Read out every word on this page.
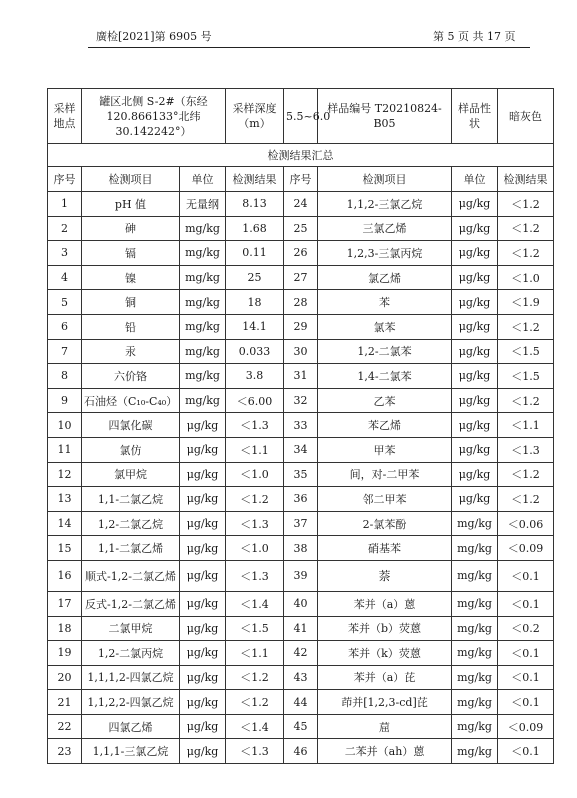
廣检[2021]第 6905 号	第 5 页 共 17 页
采样地点	罐区北侧 S-2#（东经 120.866133°北纬 30.142242°）		采样深度（m）	5.5~6.0	样品编号 T20210824-B05	样品性状	暗灰色
检测结果汇总							
序号	检测项目	单位	检测结果	序号	检测项目	单位	检测结果
1	pH 值	无量纲	8.13	24	1,1,2-三氯乙烷	μg/kg	＜1.2
2	砷	mg/kg	1.68	25	三氯乙烯	μg/kg	＜1.2
3	镉	mg/kg	0.11	26	1,2,3-三氯丙烷	μg/kg	＜1.2
4	镍	mg/kg	25	27	氯乙烯	μg/kg	＜1.0
5	铜	mg/kg	18	28	苯	μg/kg	＜1.9
6	铅	mg/kg	14.1	29	氯苯	μg/kg	＜1.2
7	汞	mg/kg	0.033	30	1,2-二氯苯	μg/kg	＜1.5
8	六价铬	mg/kg	3.8	31	1,4-二氯苯	μg/kg	＜1.5
9	石油烃（C₁₀-C₄₀）	mg/kg	＜6.00	32	乙苯	μg/kg	＜1.2
10	四氯化碳	μg/kg	＜1.3	33	苯乙烯	μg/kg	＜1.1
11	氯仿	μg/kg	＜1.1	34	甲苯	μg/kg	＜1.3
12	氯甲烷	μg/kg	＜1.0	35	间，对-二甲苯	μg/kg	＜1.2
13	1,1-二氯乙烷	μg/kg	＜1.2	36	邻二甲苯	μg/kg	＜1.2
14	1,2-二氯乙烷	μg/kg	＜1.3	37	2-氯苯酚	mg/kg	＜0.06
15	1,1-二氯乙烯	μg/kg	＜1.0	38	硝基苯	mg/kg	＜0.09
16	顺式-1,2-二氯乙烯	μg/kg	＜1.3	39	萘	mg/kg	＜0.1
17	反式-1,2-二氯乙烯	μg/kg	＜1.4	40	苯并（a）蒽	mg/kg	＜0.1
18	二氯甲烷	μg/kg	＜1.5	41	苯并（b）荧蒽	mg/kg	＜0.2
19	1,2-二氯丙烷	μg/kg	＜1.1	42	苯并（k）荧蒽	mg/kg	＜0.1
20	1,1,1,2-四氯乙烷	μg/kg	＜1.2	43	苯并（a）芘	mg/kg	＜0.1
21	1,1,2,2-四氯乙烷	μg/kg	＜1.2	44	茚并[1,2,3-cd]芘	mg/kg	＜0.1
22	四氯乙烯	μg/kg	＜1.4	45	䓛	mg/kg	＜0.09
23	1,1,1-三氯乙烷	μg/kg	＜1.3	46	二苯并（ah）蒽	mg/kg	＜0.1
